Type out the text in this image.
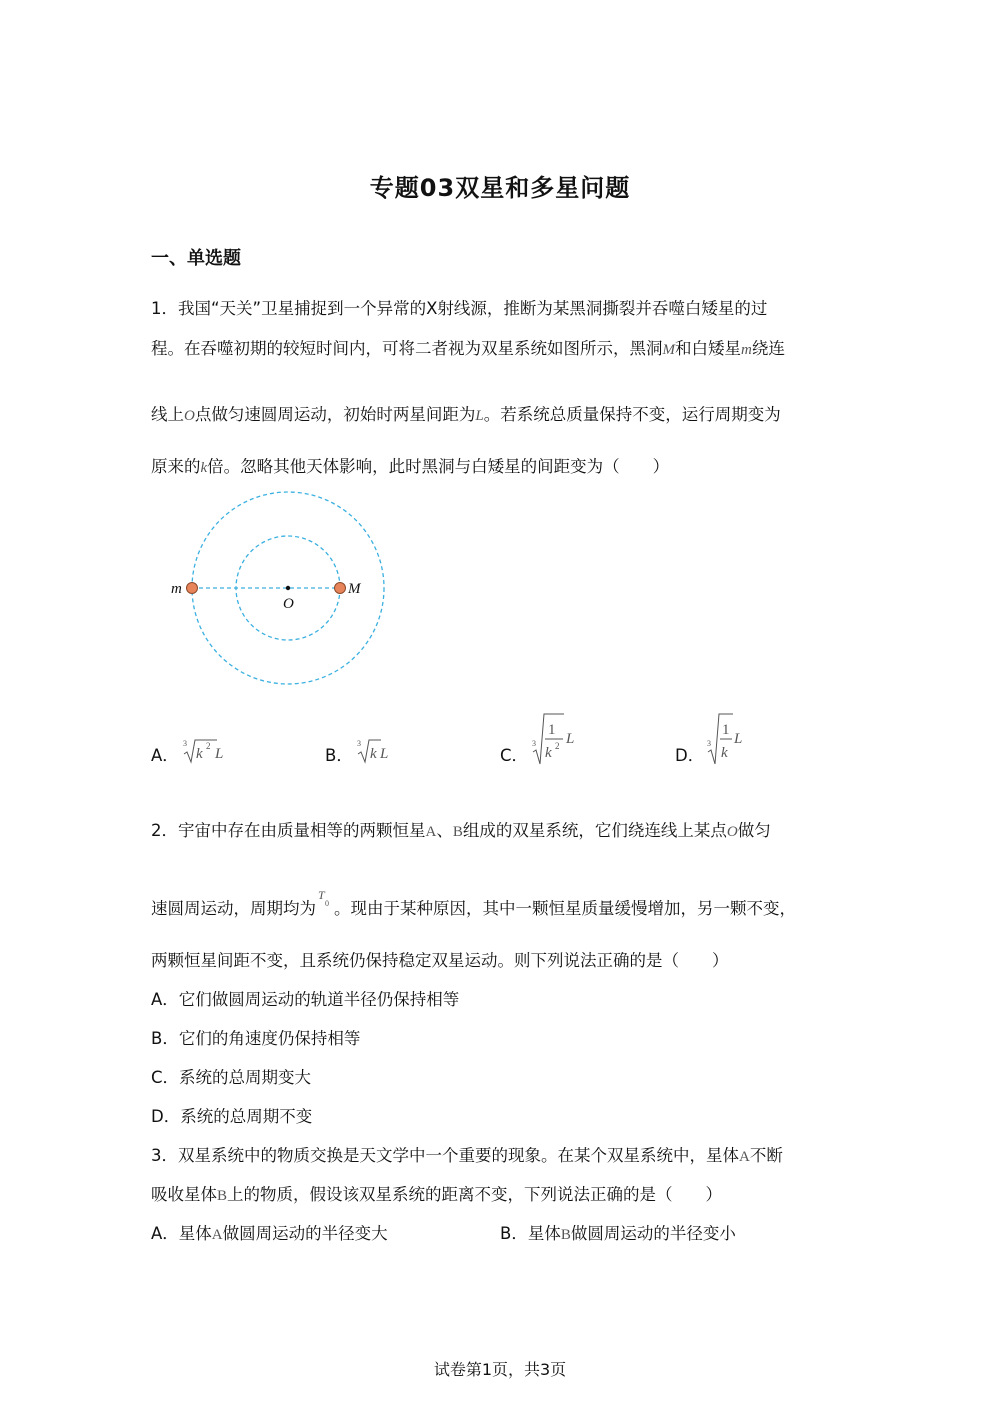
专题03双星和多星问题
一、单选题
1．我国“天关”卫星捕捉到一个异常的X射线源，推断为某黑洞撕裂并吞噬白矮星的过
程。在吞噬初期的较短时间内，可将二者视为双星系统如图所示，黑洞M和白矮星m绕连
线上O点做匀速圆周运动，初始时两星间距为L。若系统总质量保持不变，运行周期变为
原来的k倍。忽略其他天体影响，此时黑洞与白矮星的间距变为（　　）
m	M
O
A．
3
k 2 L	B．
3
k L	C．
3
1
k 2 L
D．
3
1
k
L
2．宇宙中存在由质量相等的两颗恒星A、B组成的双星系统，它们绕连线上某点O做匀
速圆周运动，周期均为
T
0 。现由于某种原因，其中一颗恒星质量缓慢增加，另一颗不变，
两颗恒星间距不变，且系统仍保持稳定双星运动。则下列说法正确的是（　　）
A．它们做圆周运动的轨道半径仍保持相等
B．它们的角速度仍保持相等
C．系统的总周期变大
D．系统的总周期不变
3．双星系统中的物质交换是天文学中一个重要的现象。在某个双星系统中，星体A不断
吸收星体B上的物质，假设该双星系统的距离不变，下列说法正确的是（　　）
A．星体A做圆周运动的半径变大	B．星体B做圆周运动的半径变小
试卷第1页，共3页
